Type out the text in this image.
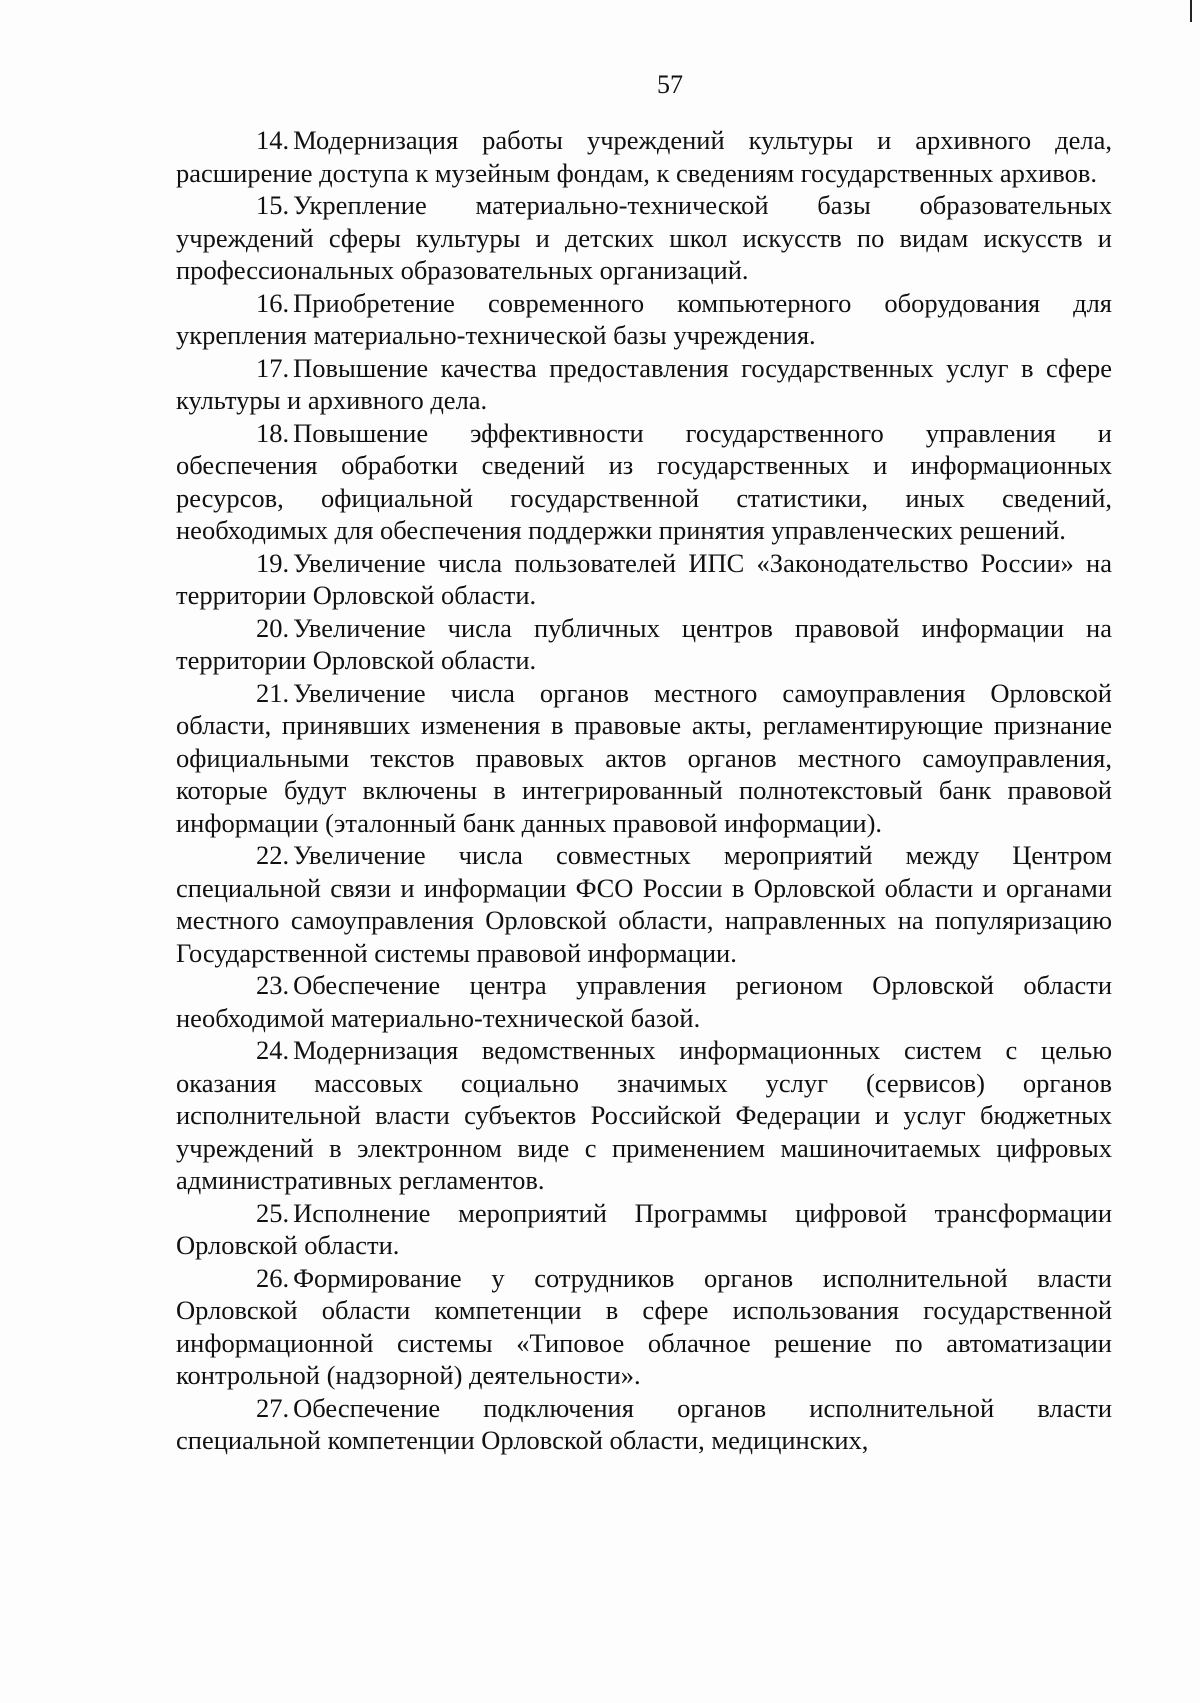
57

14. Модернизация работы учреждений культуры и архивного дела, расширение доступа к музейным фондам, к сведениям государственных архивов.

15. Укрепление материально-технической базы образовательных учреждений сферы культуры и детских школ искусств по видам искусств и профессиональных образовательных организаций.

16. Приобретение современного компьютерного оборудования для укрепления материально-технической базы учреждения.

17. Повышение качества предоставления государственных услуг в сфере культуры и архивного дела.

18. Повышение эффективности государственного управления и обеспечения обработки сведений из государственных и информационных ресурсов, официальной государственной статистики, иных сведений, необходимых для обеспечения поддержки принятия управленческих решений.

19. Увеличение числа пользователей ИПС «Законодательство России» на территории Орловской области.

20. Увеличение числа публичных центров правовой информации на территории Орловской области.

21. Увеличение числа органов местного самоуправления Орловской области, принявших изменения в правовые акты, регламентирующие признание официальными текстов правовых актов органов местного самоуправления, которые будут включены в интегрированный полнотекстовый банк правовой информации (эталонный банк данных правовой информации).

22. Увеличение числа совместных мероприятий между Центром специальной связи и информации ФСО России в Орловской области и органами местного самоуправления Орловской области, направленных на популяризацию Государственной системы правовой информации.

23. Обеспечение центра управления регионом Орловской области необходимой материально-технической базой.

24. Модернизация ведомственных информационных систем с целью оказания массовых социально значимых услуг (сервисов) органов исполнительной власти субъектов Российской Федерации и услуг бюджетных учреждений в электронном виде с применением машиночитаемых цифровых административных регламентов.

25. Исполнение мероприятий Программы цифровой трансформации Орловской области.

26. Формирование у сотрудников органов исполнительной власти Орловской области компетенции в сфере использования государственной информационной системы «Типовое облачное решение по автоматизации контрольной (надзорной) деятельности».

27. Обеспечение подключения органов исполнительной власти специальной компетенции Орловской области, медицинских,
